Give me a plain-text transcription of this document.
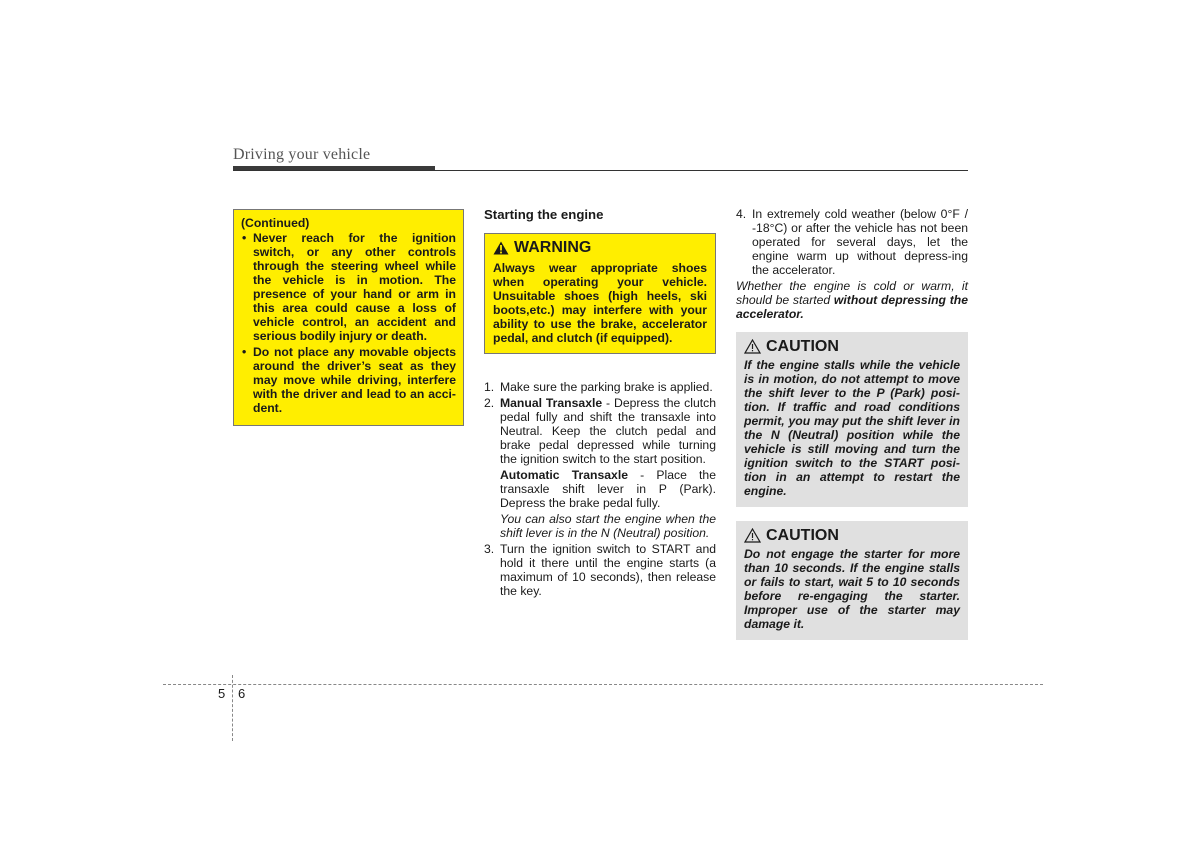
Driving your vehicle
(Continued)
• Never reach for the ignition switch, or any other controls through the steering wheel while the vehicle is in motion. The presence of your hand or arm in this area could cause a loss of vehicle control, an accident and serious bodily injury or death.
• Do not place any movable objects around the driver’s seat as they may move while driving, interfere with the driver and lead to an acci-dent.
Starting the engine
WARNING
Always wear appropriate shoes when operating your vehicle. Unsuitable shoes (high heels, ski boots,etc.) may interfere with your ability to use the brake, accelerator pedal, and clutch (if equipped).
1. Make sure the parking brake is applied.
2. Manual Transaxle - Depress the clutch pedal fully and shift the transaxle into Neutral. Keep the clutch pedal and brake pedal depressed while turning the ignition switch to the start position.
Automatic Transaxle - Place the transaxle shift lever in P (Park). Depress the brake pedal fully.
You can also start the engine when the shift lever is in the N (Neutral) position.
3. Turn the ignition switch to START and hold it there until the engine starts (a maximum of 10 seconds), then release the key.
4. In extremely cold weather (below 0°F / -18°C) or after the vehicle has not been operated for several days, let the engine warm up without depress-ing the accelerator.
Whether the engine is cold or warm, it should be started without depressing the accelerator.
CAUTION
If the engine stalls while the vehicle is in motion, do not attempt to move the shift lever to the P (Park) posi-tion. If traffic and road conditions permit, you may put the shift lever in the N (Neutral) position while the vehicle is still moving and turn the ignition switch to the START posi-tion in an attempt to restart the engine.
CAUTION
Do not engage the starter for more than 10 seconds. If the engine stalls or fails to start, wait 5 to 10 seconds before re-engaging the starter. Improper use of the starter may damage it.
5 6
